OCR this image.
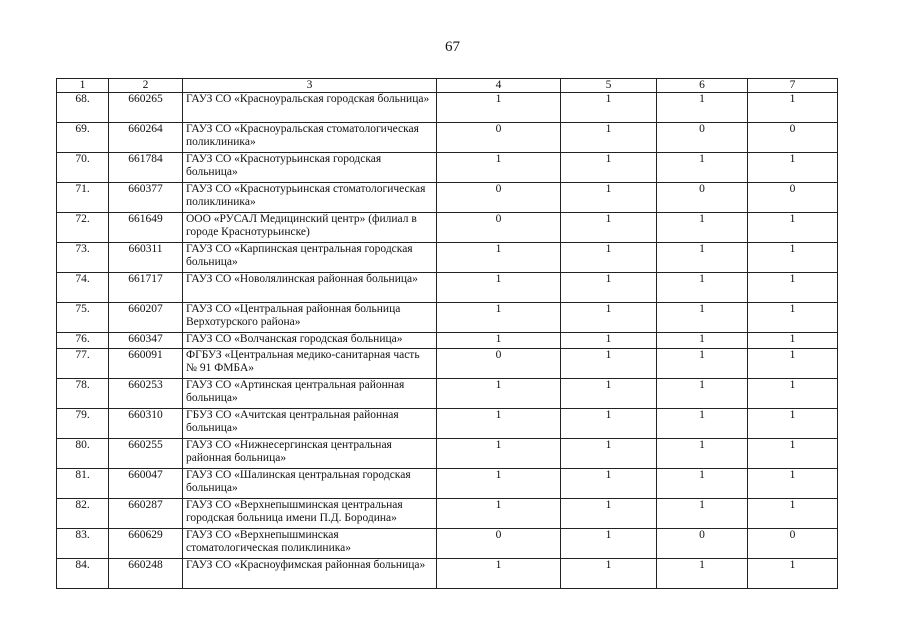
67
1	2	3	4	5	6	7
68.	660265	ГАУЗ СО «Красноуральская городская больница»	1	1	1	1
69.	660264	ГАУЗ СО «Красноуральская стоматологическая поликлиника»	0	1	0	0
70.	661784	ГАУЗ СО «Краснотурьинская городская больница»	1	1	1	1
71.	660377	ГАУЗ СО «Краснотурьинская стоматологическая поликлиника»	0	1	0	0
72.	661649	ООО «РУСАЛ Медицинский центр» (филиал в городе Краснотурьинске)	0	1	1	1
73.	660311	ГАУЗ СО «Карпинская центральная городская больница»	1	1	1	1
74.	661717	ГАУЗ СО «Новолялинская районная больница»	1	1	1	1
75.	660207	ГАУЗ СО «Центральная районная больница Верхотурского района»	1	1	1	1
76.	660347	ГАУЗ СО «Волчанская городская больница»	1	1	1	1
77.	660091	ФГБУЗ «Центральная медико-санитарная часть № 91 ФМБА»	0	1	1	1
78.	660253	ГАУЗ СО «Артинская центральная районная больница»	1	1	1	1
79.	660310	ГБУЗ СО «Ачитская центральная районная больница»	1	1	1	1
80.	660255	ГАУЗ СО «Нижнесергинская центральная районная больница»	1	1	1	1
81.	660047	ГАУЗ СО «Шалинская центральная городская больница»	1	1	1	1
82.	660287	ГАУЗ СО «Верхнепышминская центральная городская больница имени П.Д. Бородина»	1	1	1	1
83.	660629	ГАУЗ СО «Верхнепышминская стоматологическая поликлиника»	0	1	0	0
84.	660248	ГАУЗ СО «Красноуфимская районная больница»	1	1	1	1
